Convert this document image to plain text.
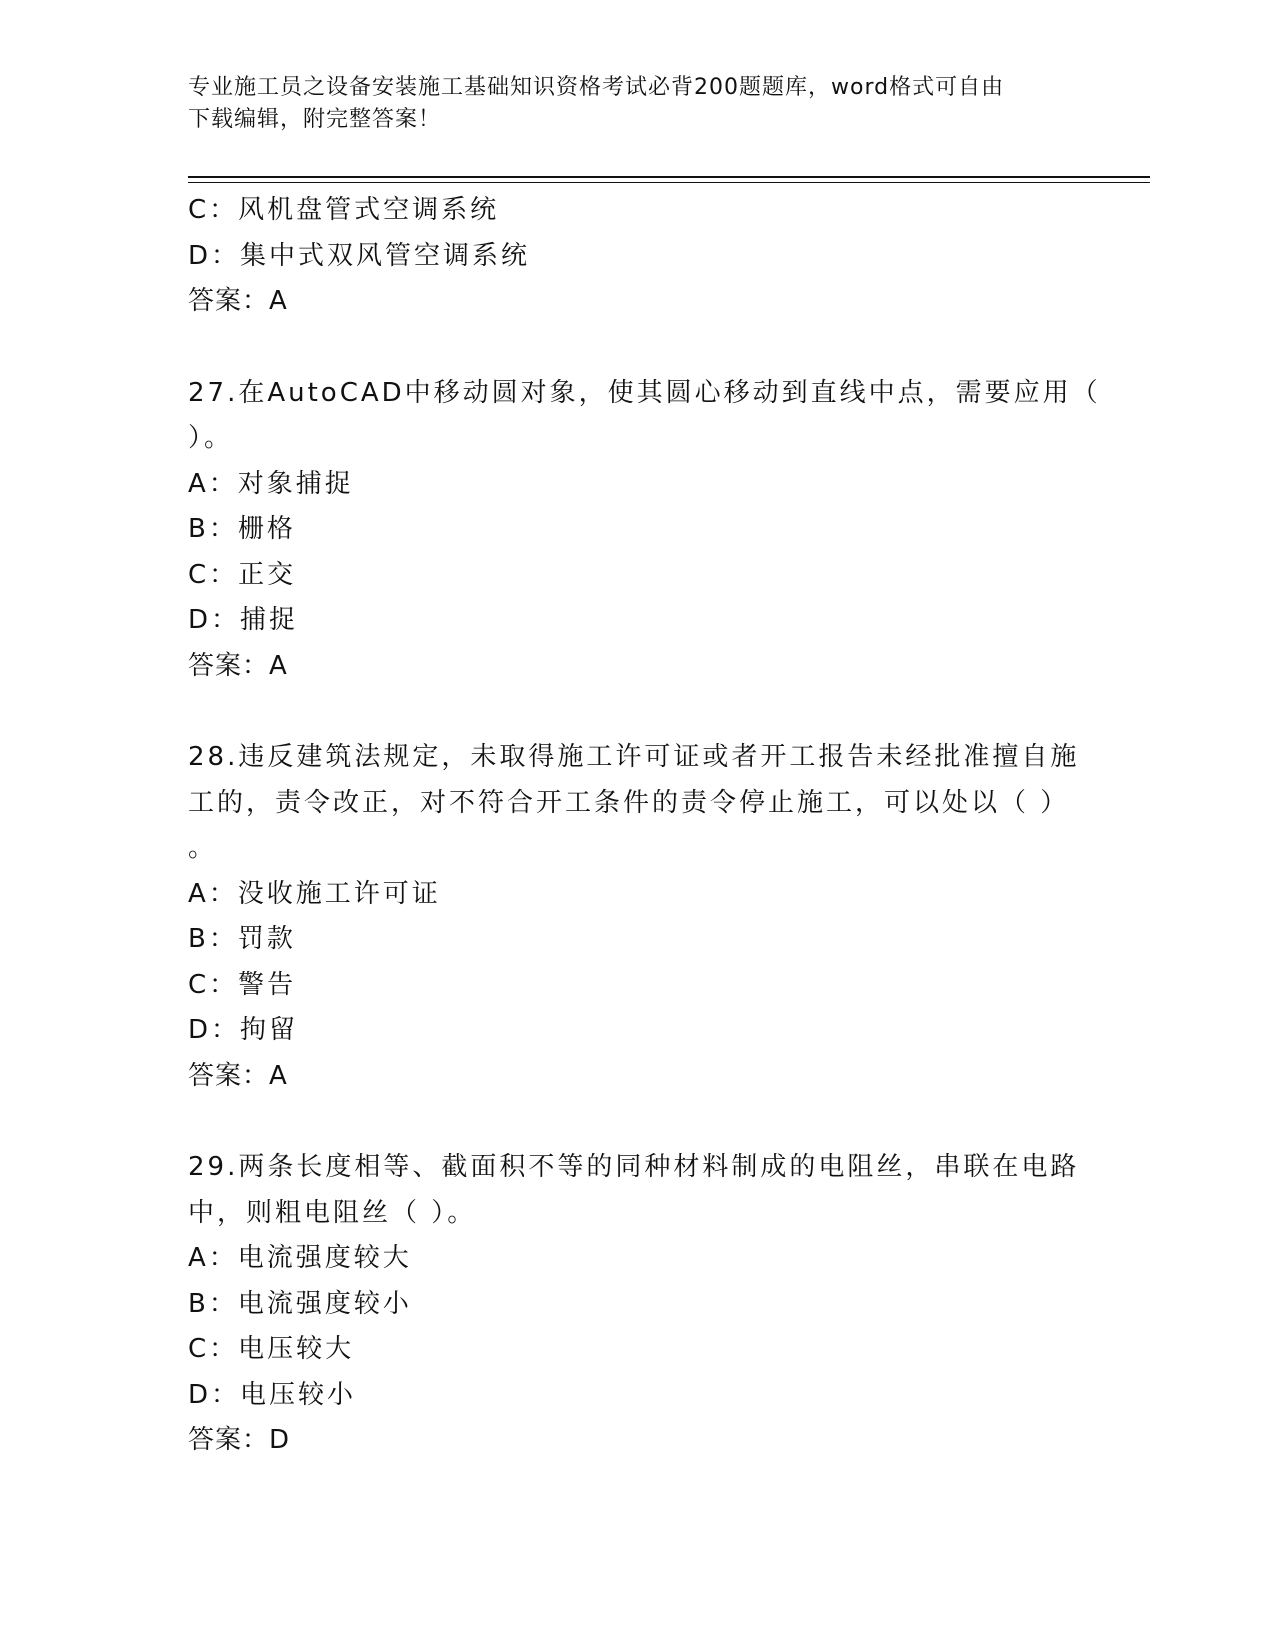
专业施工员之设备安装施工基础知识资格考试必背200题题库，word格式可自由
下载编辑，附完整答案！
C：风机盘管式空调系统
D：集中式双风管空调系统
答案：A
27.在AutoCAD中移动圆对象，使其圆心移动到直线中点，需要应用（
）。
A：对象捕捉
B：栅格
C：正交
D：捕捉
答案：A
28.违反建筑法规定，未取得施工许可证或者开工报告未经批准擅自施
工的，责令改正，对不符合开工条件的责令停止施工，可以处以（ ）
。
A：没收施工许可证
B：罚款
C：警告
D：拘留
答案：A
29.两条长度相等、截面积不等的同种材料制成的电阻丝，串联在电路
中，则粗电阻丝（ ）。
A：电流强度较大
B：电流强度较小
C：电压较大
D：电压较小
答案：D
